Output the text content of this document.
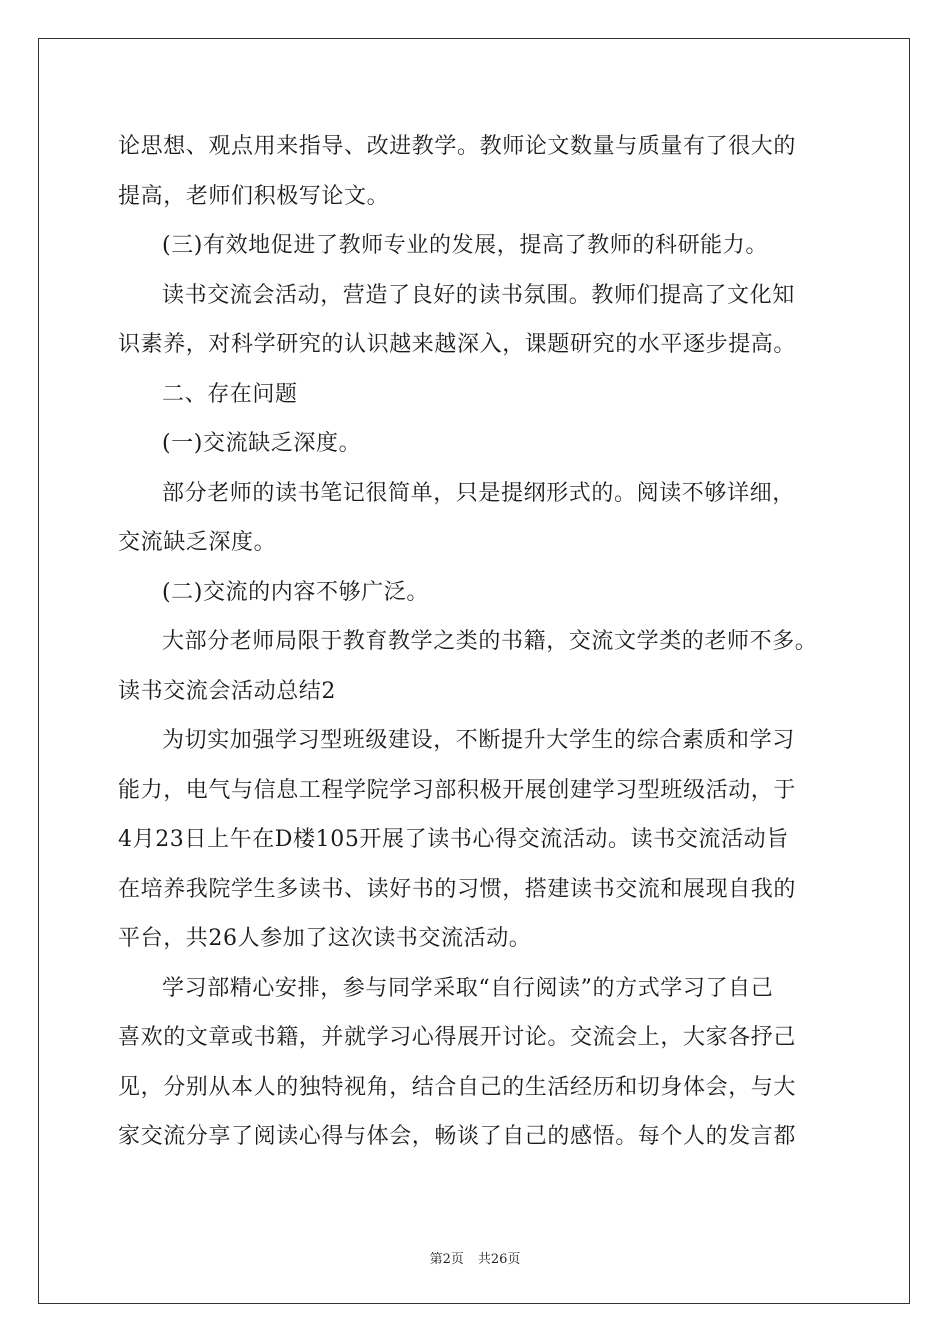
论思想、观点用来指导、改进教学。教师论文数量与质量有了很大的
提高，老师们积极写论文。

(三)有效地促进了教师专业的发展，提高了教师的科研能力。

读书交流会活动，营造了良好的读书氛围。教师们提高了文化知
识素养，对科学研究的认识越来越深入，课题研究的水平逐步提高。

二、存在问题

(一)交流缺乏深度。

部分老师的读书笔记很简单，只是提纲形式的。阅读不够详细，
交流缺乏深度。

(二)交流的内容不够广泛。

大部分老师局限于教育教学之类的书籍，交流文学类的老师不多。

读书交流会活动总结2

为切实加强学习型班级建设，不断提升大学生的综合素质和学习
能力，电气与信息工程学院学习部积极开展创建学习型班级活动，于
4月23日上午在D楼105开展了读书心得交流活动。读书交流活动旨
在培养我院学生多读书、读好书的习惯，搭建读书交流和展现自我的
平台，共26人参加了这次读书交流活动。

学习部精心安排，参与同学采取“自行阅读”的方式学习了自己
喜欢的文章或书籍，并就学习心得展开讨论。交流会上，大家各抒己
见，分别从本人的独特视角，结合自己的生活经历和切身体会，与大
家交流分享了阅读心得与体会，畅谈了自己的感悟。每个人的发言都

第2页 共26页
